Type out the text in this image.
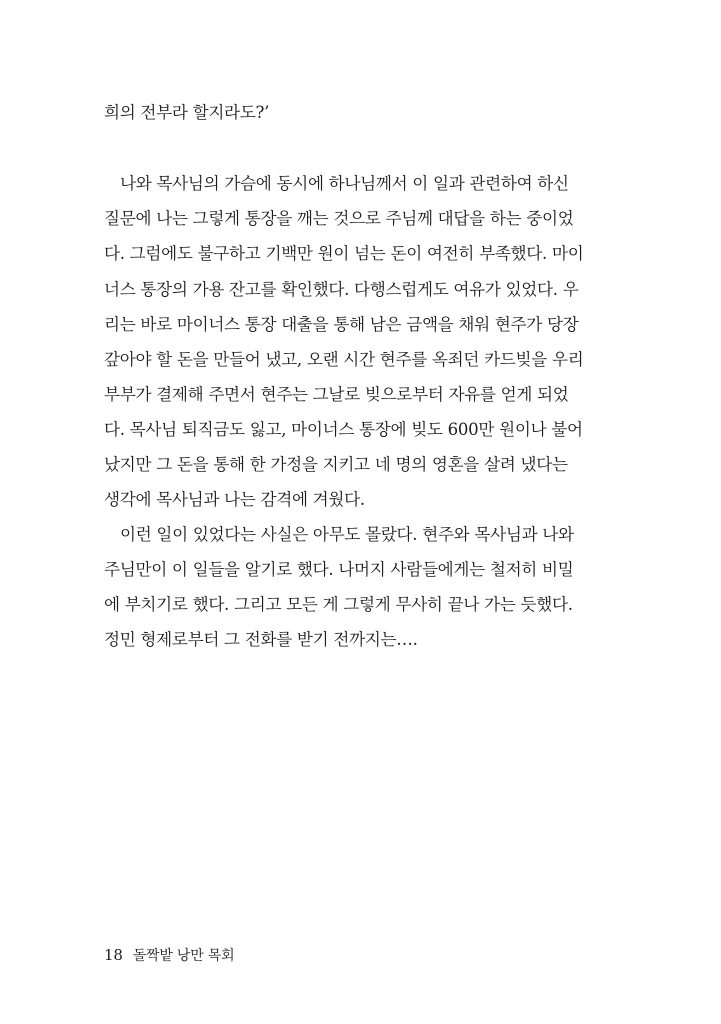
희의 전부라 할지라도?’
나와 목사님의 가슴에 동시에 하나님께서 이 일과 관련하여 하신
질문에 나는 그렇게 통장을 깨는 것으로 주님께 대답을 하는 중이었
다. 그럼에도 불구하고 기백만 원이 넘는 돈이 여전히 부족했다. 마이
너스 통장의 가용 잔고를 확인했다. 다행스럽게도 여유가 있었다. 우
리는 바로 마이너스 통장 대출을 통해 남은 금액을 채워 현주가 당장
갚아야 할 돈을 만들어 냈고, 오랜 시간 현주를 옥죄던 카드빚을 우리
부부가 결제해 주면서 현주는 그날로 빚으로부터 자유를 얻게 되었
다. 목사님 퇴직금도 잃고, 마이너스 통장에 빚도 600만 원이나 불어
났지만 그 돈을 통해 한 가정을 지키고 네 명의 영혼을 살려 냈다는
생각에 목사님과 나는 감격에 겨웠다.
이런 일이 있었다는 사실은 아무도 몰랐다. 현주와 목사님과 나와
주님만이 이 일들을 알기로 했다. 나머지 사람들에게는 철저히 비밀
에 부치기로 했다. 그리고 모든 게 그렇게 무사히 끝나 가는 듯했다.
정민 형제로부터 그 전화를 받기 전까지는….
18 돌짝밭 낭만 목회
